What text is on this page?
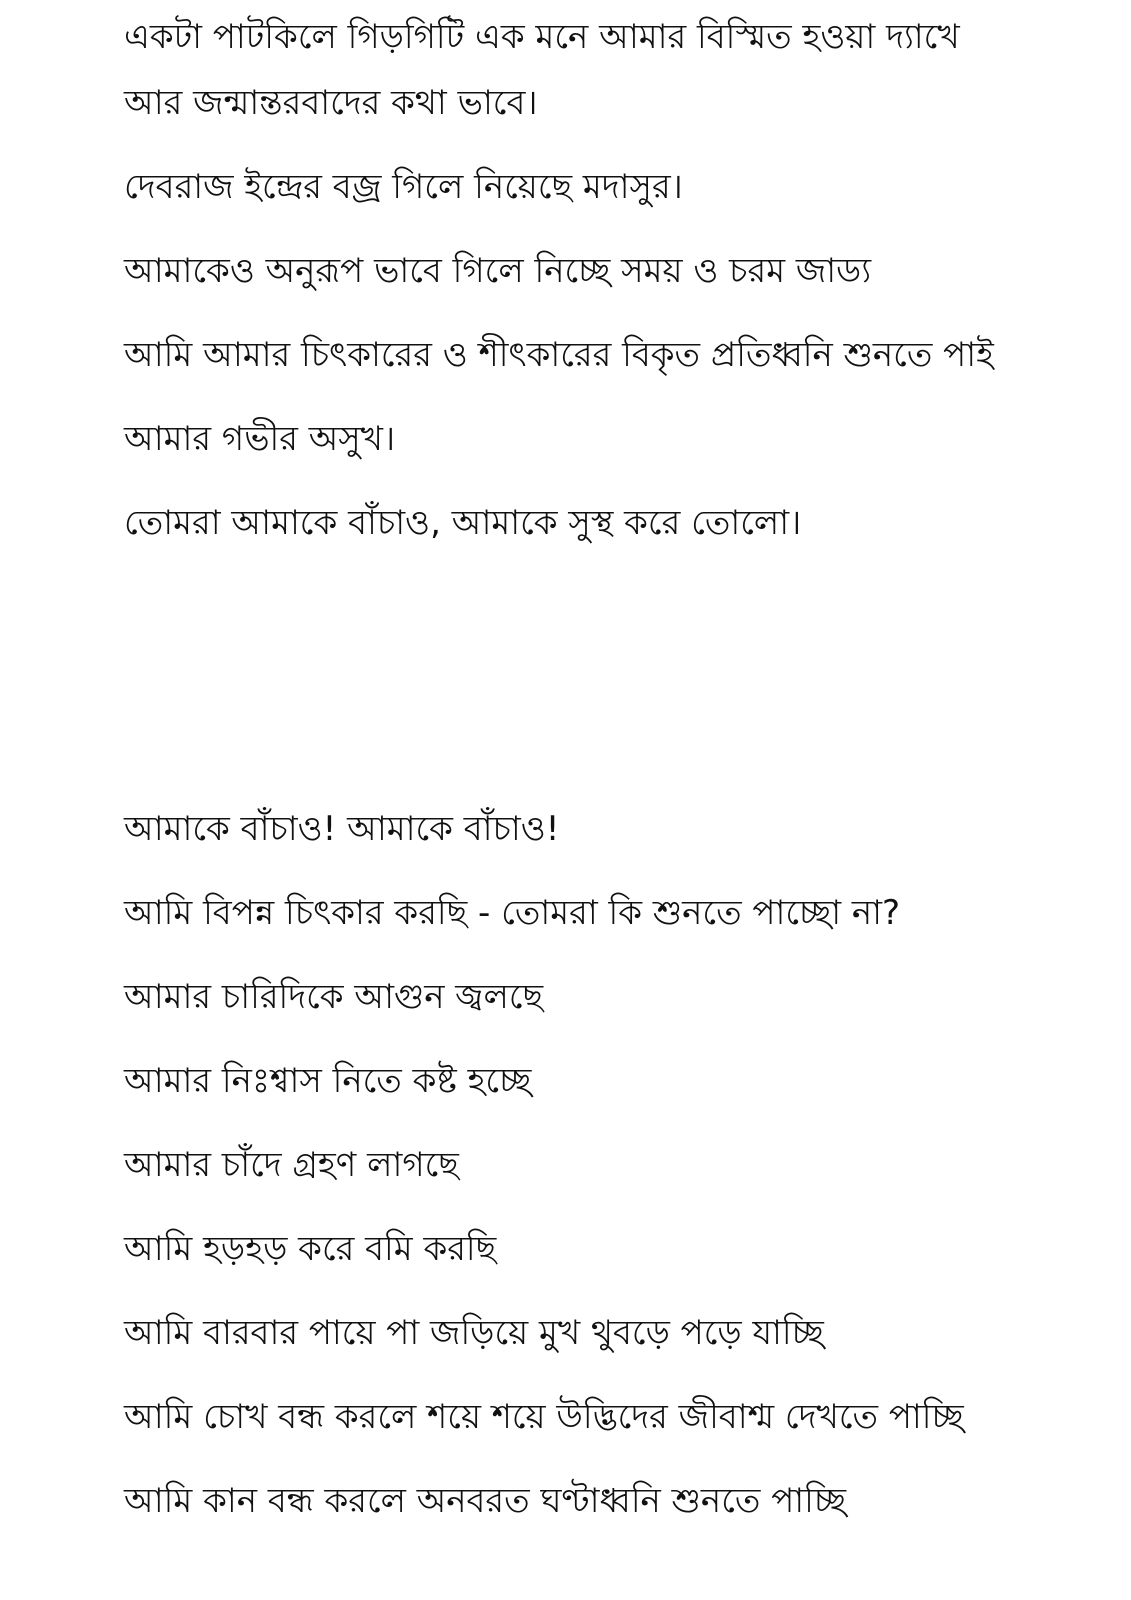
একটা পাটকিলে গিড়গিটি এক মনে আমার বিস্মিত হওয়া দ্যাখে আর জন্মান্তরবাদের কথা ভাবে।

দেবরাজ ইন্দ্রের বজ্র গিলে নিয়েছে মদাসুর।

আমাকেও অনুরূপ ভাবে গিলে নিচ্ছে সময় ও চরম জাড্য

আমি আমার চিৎকারের ও শীৎকারের বিকৃত প্রতিধ্বনি শুনতে পাই

আমার গভীর অসুখ।

তোমরা আমাকে বাঁচাও, আমাকে সুস্থ করে তোলো।

আমাকে বাঁচাও! আমাকে বাঁচাও!

আমি বিপন্ন চিৎকার করছি - তোমরা কি শুনতে পাচ্ছো না?

আমার চারিদিকে আগুন জ্বলছে

আমার নিঃশ্বাস নিতে কষ্ট হচ্ছে

আমার চাঁদে গ্রহণ লাগছে

আমি হড়হড় করে বমি করছি

আমি বারবার পায়ে পা জড়িয়ে মুখ থুবড়ে পড়ে যাচ্ছি

আমি চোখ বন্ধ করলে শয়ে শয়ে উদ্ভিদের জীবাশ্ম দেখতে পাচ্ছি

আমি কান বন্ধ করলে অনবরত ঘণ্টাধ্বনি শুনতে পাচ্ছি
